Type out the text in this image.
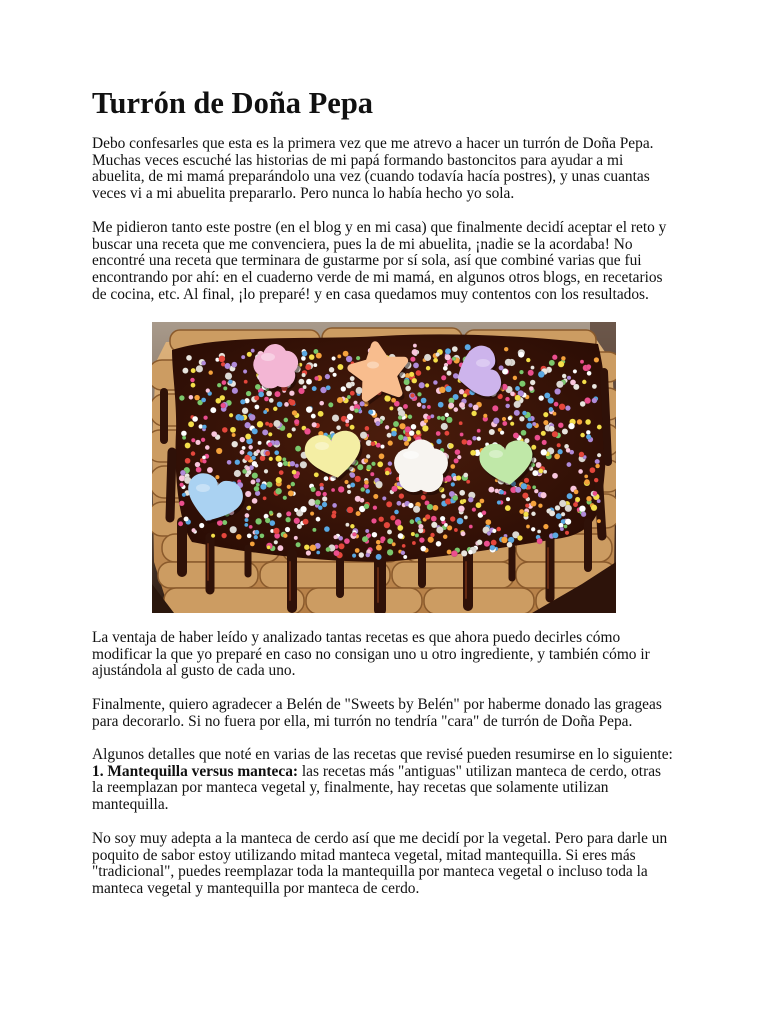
Turrón de Doña Pepa
Debo confesarles que esta es la primera vez que me atrevo a hacer un turrón de Doña Pepa.
Muchas veces escuché las historias de mi papá formando bastoncitos para ayudar a mi
abuelita, de mi mamá preparándolo una vez (cuando todavía hacía postres), y unas cuantas
veces vi a mi abuelita prepararlo. Pero nunca lo había hecho yo sola.
Me pidieron tanto este postre (en el blog y en mi casa) que finalmente decidí aceptar el reto y
buscar una receta que me convenciera, pues la de mi abuelita, ¡nadie se la acordaba! No
encontré una receta que terminara de gustarme por sí sola, así que combiné varias que fui
encontrando por ahí: en el cuaderno verde de mi mamá, en algunos otros blogs, en recetarios
de cocina, etc. Al final, ¡lo preparé! y en casa quedamos muy contentos con los resultados.
La ventaja de haber leído y analizado tantas recetas es que ahora puedo decirles cómo
modificar la que yo preparé en caso no consigan uno u otro ingrediente, y también cómo ir
ajustándola al gusto de cada uno.
Finalmente, quiero agradecer a Belén de "Sweets by Belén" por haberme donado las grageas
para decorarlo. Si no fuera por ella, mi turrón no tendría "cara" de turrón de Doña Pepa.
Algunos detalles que noté en varias de las recetas que revisé pueden resumirse en lo siguiente:
1. Mantequilla versus manteca: las recetas más "antiguas" utilizan manteca de cerdo, otras
la reemplazan por manteca vegetal y, finalmente, hay recetas que solamente utilizan
mantequilla.
No soy muy adepta a la manteca de cerdo así que me decidí por la vegetal. Pero para darle un
poquito de sabor estoy utilizando mitad manteca vegetal, mitad mantequilla. Si eres más
"tradicional", puedes reemplazar toda la mantequilla por manteca vegetal o incluso toda la
manteca vegetal y mantequilla por manteca de cerdo.
